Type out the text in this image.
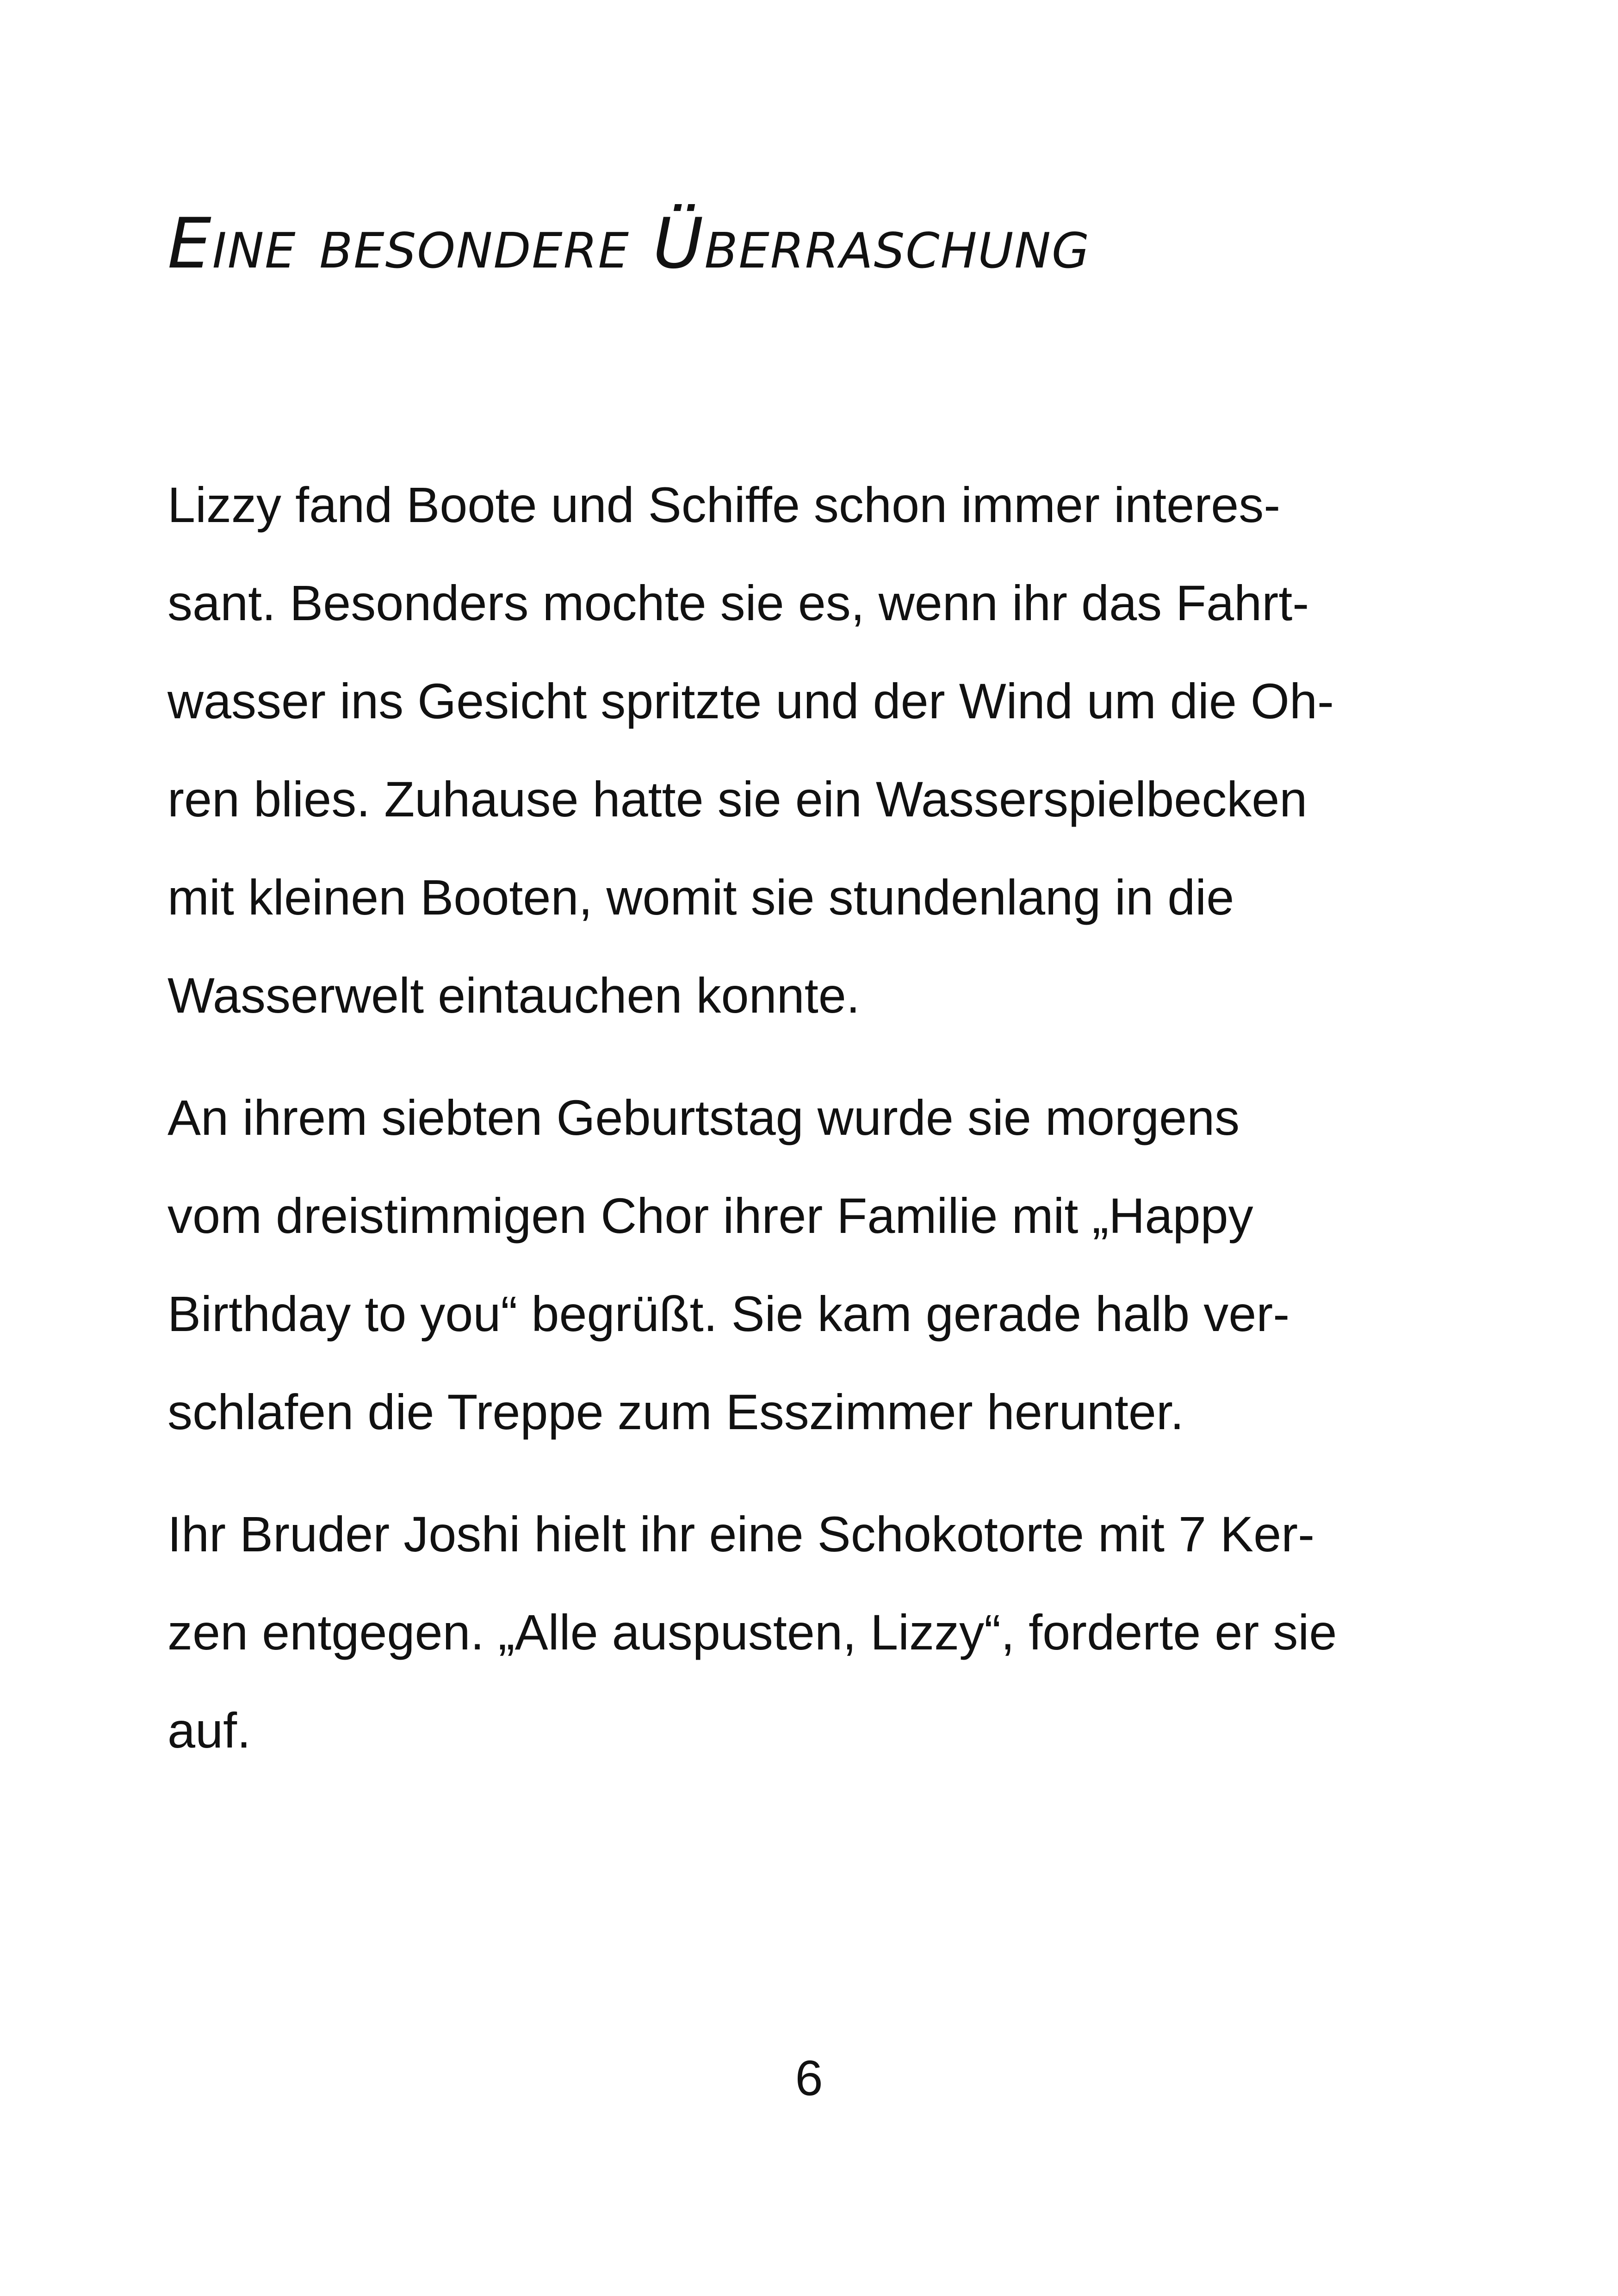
Eine besondere Überraschung

Lizzy fand Boote und Schiffe schon immer interes-
sant. Besonders mochte sie es, wenn ihr das Fahrt-
wasser ins Gesicht spritzte und der Wind um die Oh-
ren blies. Zuhause hatte sie ein Wasserspielbecken
mit kleinen Booten, womit sie stundenlang in die
Wasserwelt eintauchen konnte.

An ihrem siebten Geburtstag wurde sie morgens
vom dreistimmigen Chor ihrer Familie mit „Happy
Birthday to you“ begrüßt. Sie kam gerade halb ver-
schlafen die Treppe zum Esszimmer herunter.

Ihr Bruder Joshi hielt ihr eine Schokotorte mit 7 Ker-
zen entgegen. „Alle auspusten, Lizzy“, forderte er sie
auf.

6
